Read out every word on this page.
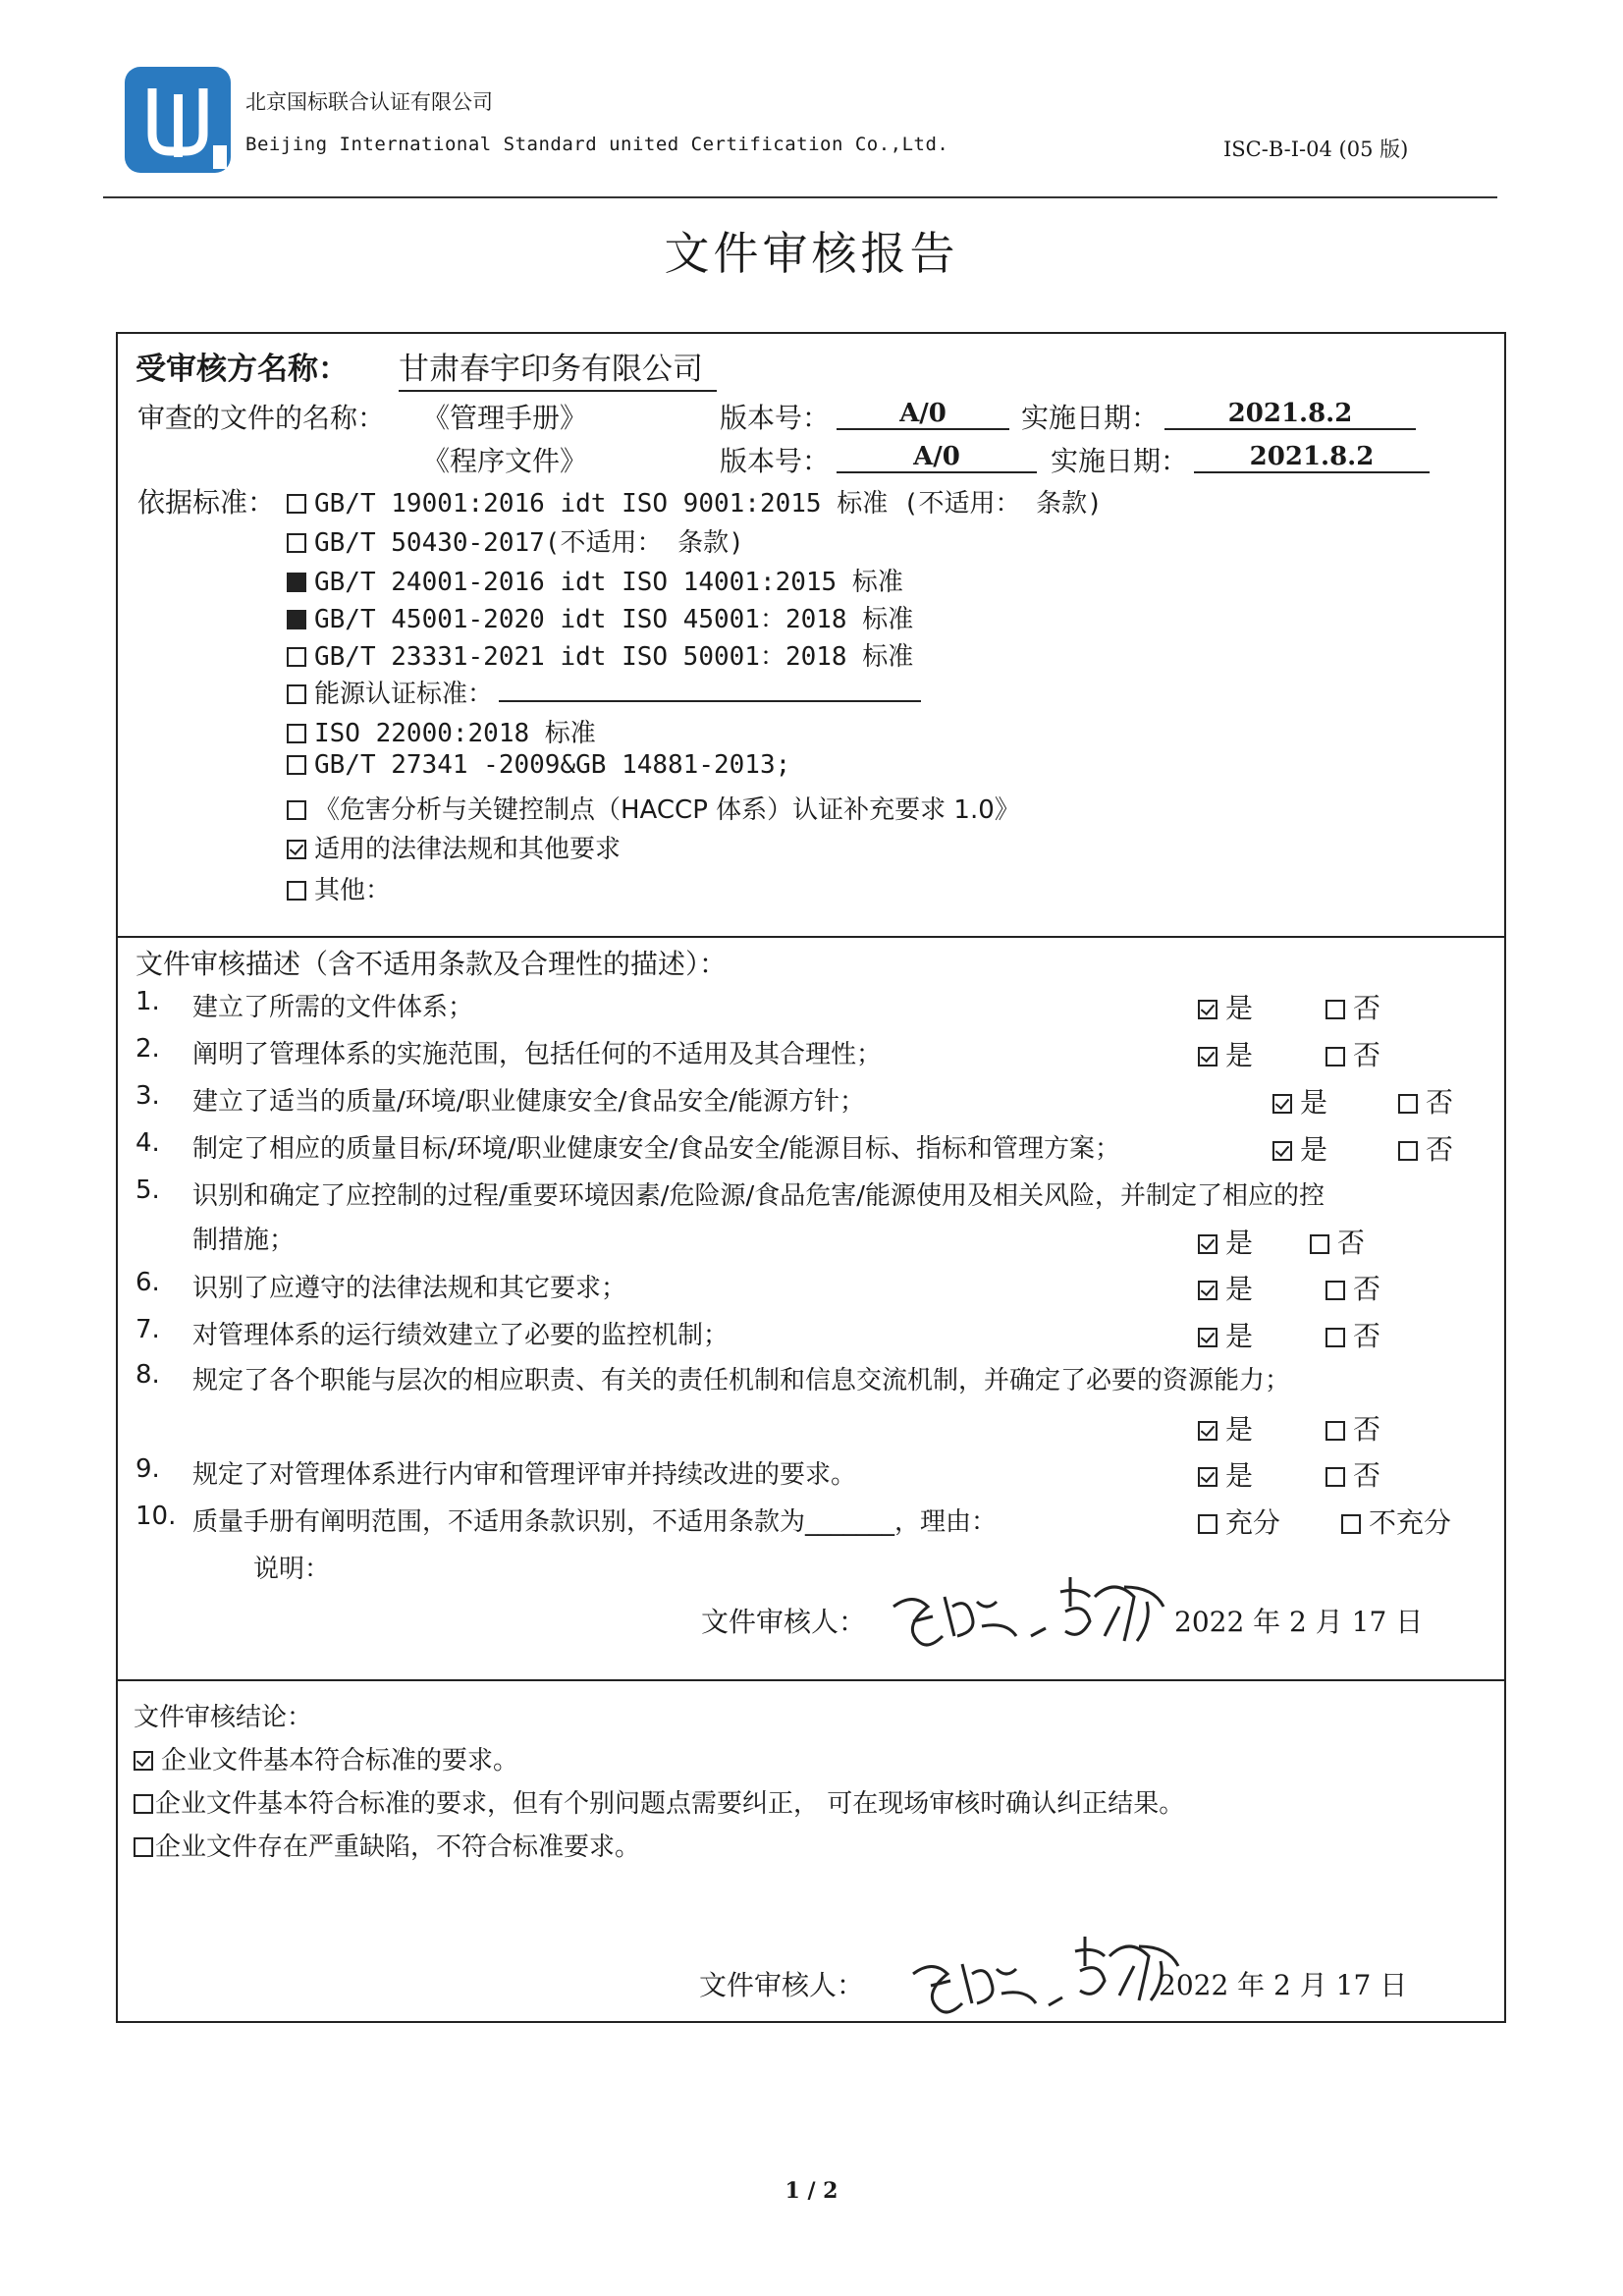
北京国标联合认证有限公司
Beijing International Standard united Certification Co.,Ltd.	ISC-B-I-04 (05 版)
文件审核报告
受审核方名称： 甘肃春宇印务有限公司
审查的文件的名称： 《管理手册》	版本号：	A/0	实施日期：	2021.8.2
《程序文件》	版本号：	A/0	实施日期：	2021.8.2
依据标准：	GB/T 19001:2016 idt ISO 9001:2015 标准 (不适用： 条款)
GB/T 50430-2017(不适用： 条款)
GB/T 24001-2016 idt ISO 14001:2015 标准
GB/T 45001-2020 idt ISO 45001：2018 标准
GB/T 23331-2021 idt ISO 50001：2018 标准
能源认证标准：
ISO 22000:2018 标准
GB/T 27341 -2009&GB 14881-2013;
《危害分析与关键控制点（HACCP 体系）认证补充要求 1.0》
适用的法律法规和其他要求
其他：
文件审核描述（含不适用条款及合理性的描述）：
1. 建立了所需的文件体系；	是	否
2. 阐明了管理体系的实施范围，包括任何的不适用及其合理性；	是	否
3. 建立了适当的质量/环境/职业健康安全/食品安全/能源方针；	是	否
4. 制定了相应的质量目标/环境/职业健康安全/食品安全/能源目标、指标和管理方案；	是	否
5. 识别和确定了应控制的过程/重要环境因素/危险源/食品危害/能源使用及相关风险，并制定了相应的控
制措施；	是	否
6. 识别了应遵守的法律法规和其它要求；	是	否
7. 对管理体系的运行绩效建立了必要的监控机制；	是	否
8. 规定了各个职能与层次的相应职责、有关的责任机制和信息交流机制，并确定了必要的资源能力；
是	否
9. 规定了对管理体系进行内审和管理评审并持续改进的要求。	是	否
10. 质量手册有阐明范围，不适用条款识别，不适用条款为_______，理由：	充分	不充分
说明：
文件审核人：	2022 年 2 月 17 日
文件审核结论：
企业文件基本符合标准的要求。
企业文件基本符合标准的要求，但有个别问题点需要纠正， 可在现场审核时确认纠正结果。
企业文件存在严重缺陷，不符合标准要求。
文件审核人：	2022 年 2 月 17 日
1 / 2
